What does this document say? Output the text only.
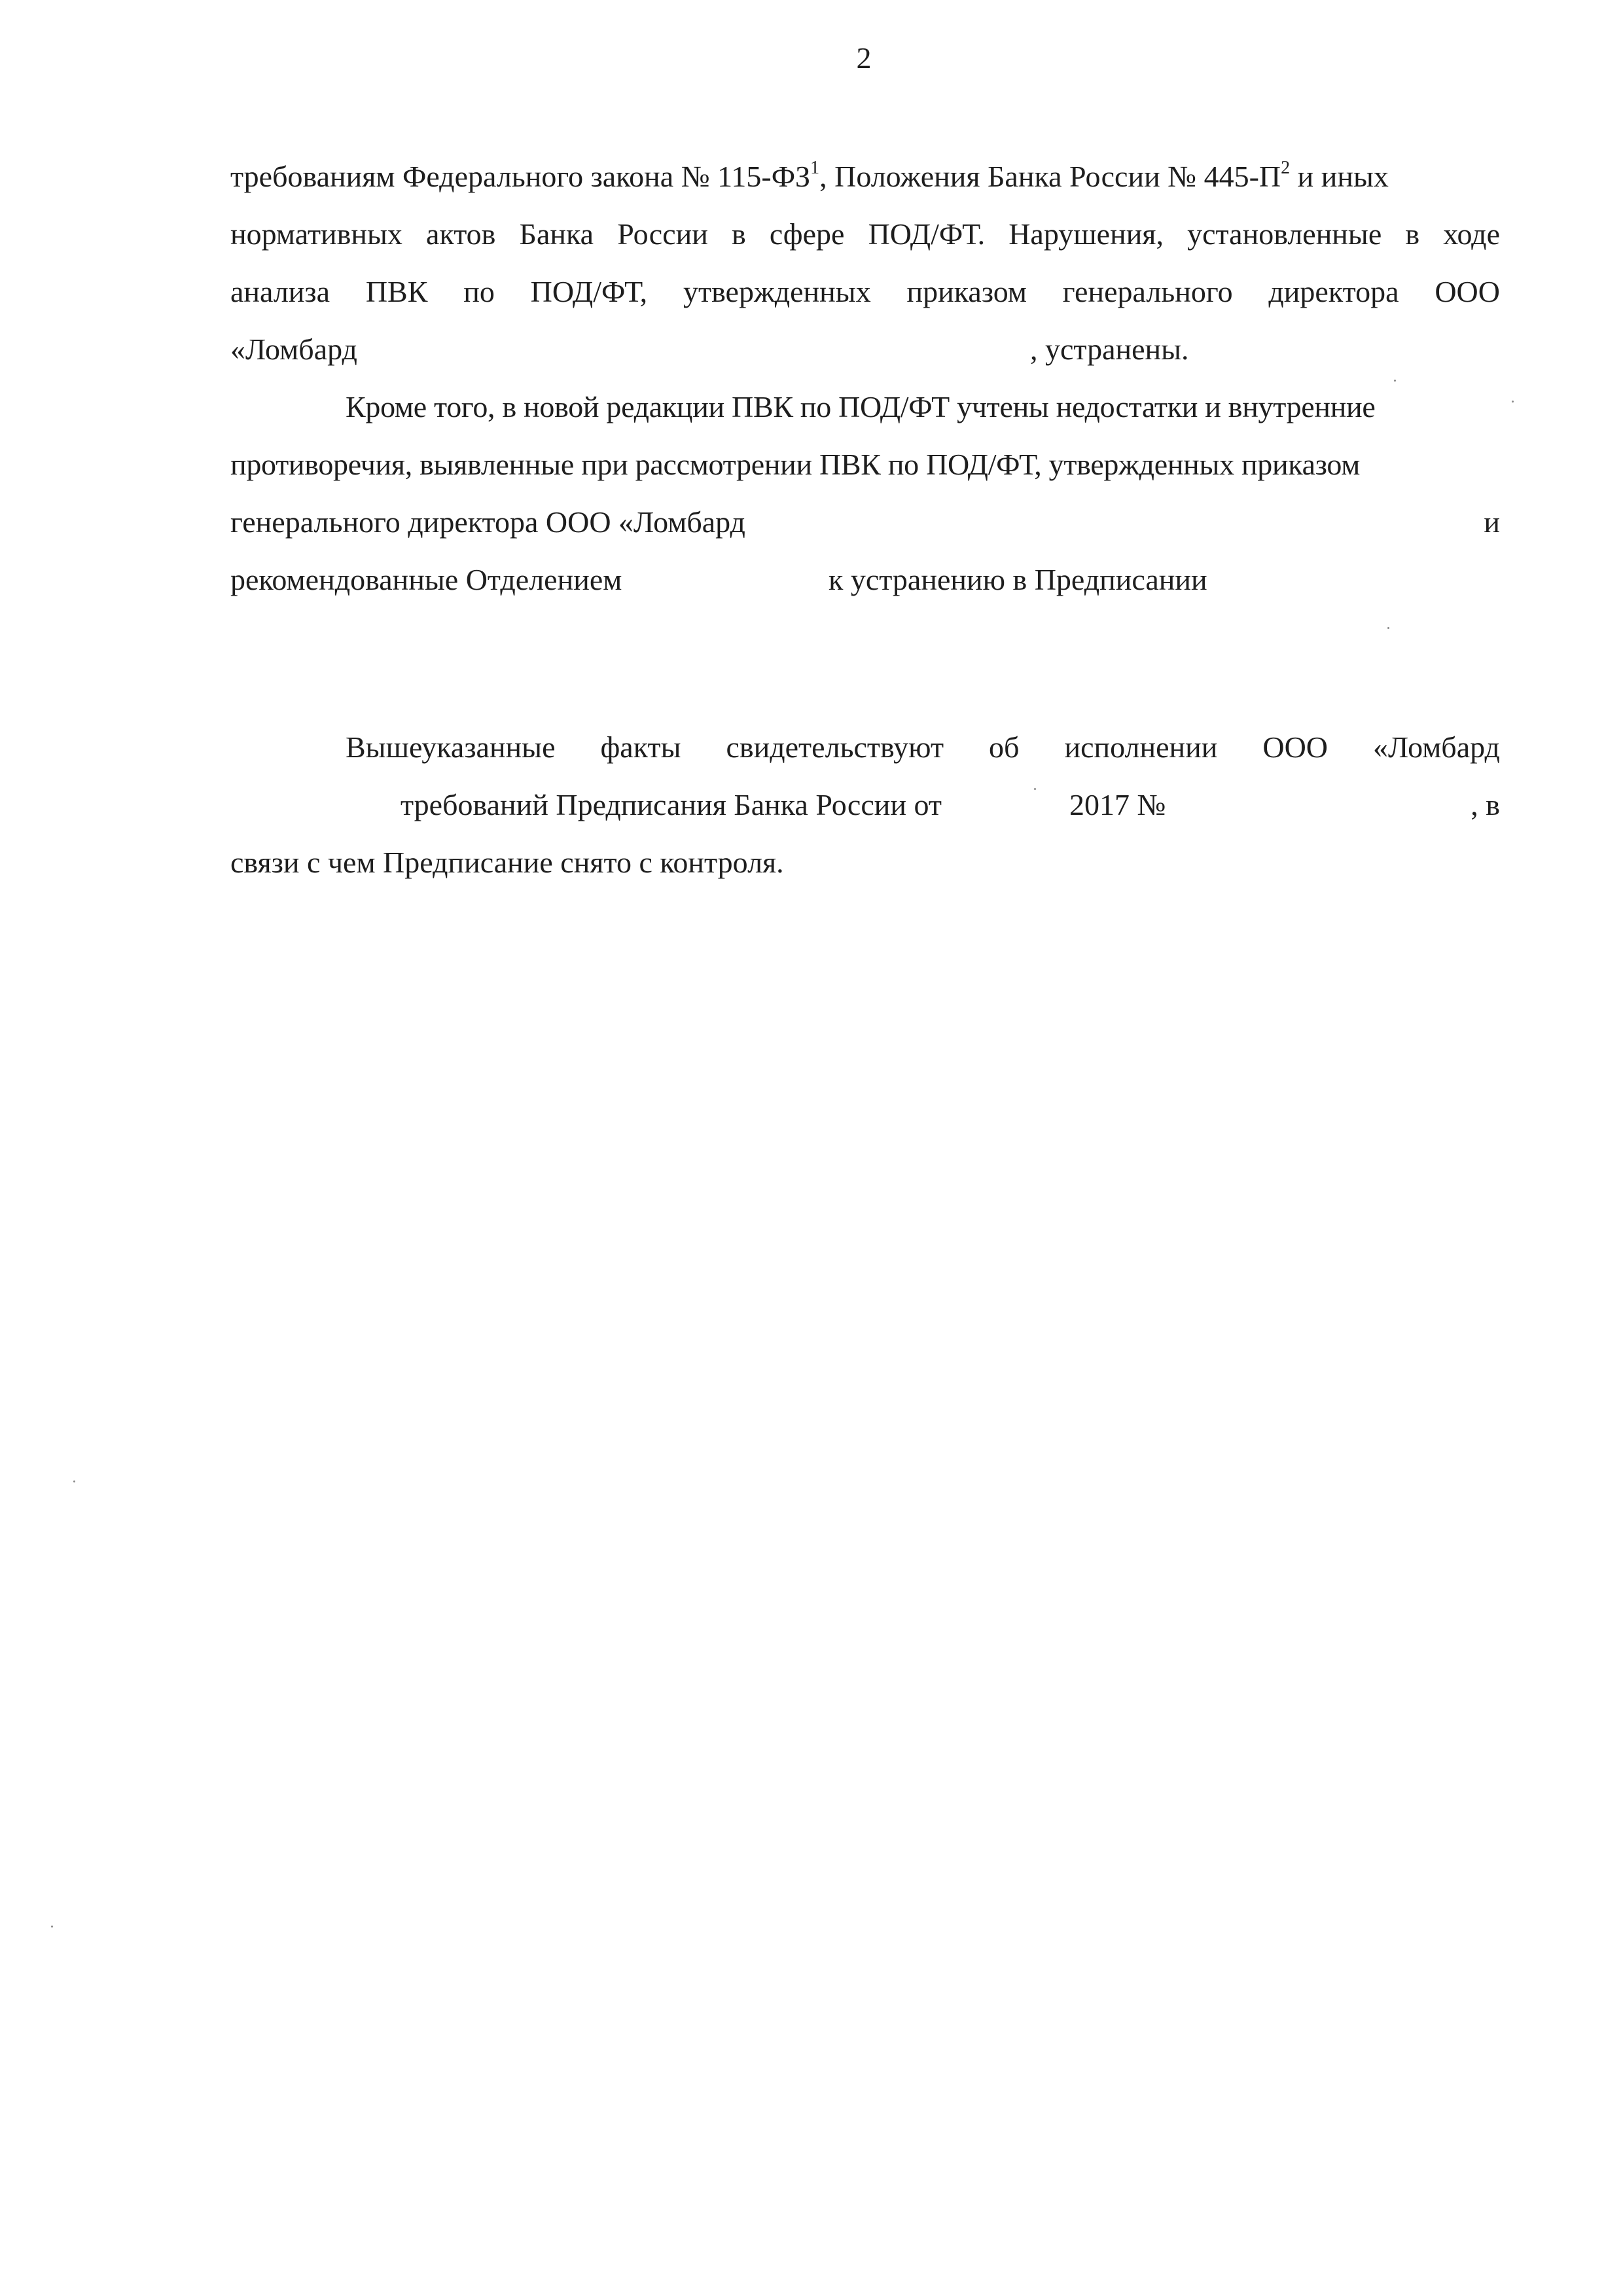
2
требованиям Федерального закона № $115-ФЗ^1$, Положения Банка России № $445-П^2$ и иных
нормативных актов Банка России в сфере ПОД/ФТ. Нарушения, установленные в ходе
анализа ПВК по ПОД/ФТ, утвержденных приказом генерального директора ООО
«Ломбард	, устранены.
Кроме того, в новой редакции ПВК по ПОД/ФТ учтены недостатки и внутренние
противоречия, выявленные при рассмотрении ПВК по ПОД/ФТ, утвержденных приказом
генерального директора ООО «Ломбард	и
рекомендованные Отделением	к устранению в Предписании
Вышеуказанные факты свидетельствуют об исполнении ООО «Ломбард
требований Предписания Банка России от	2017 №	, в
связи с чем Предписание снято с контроля.
